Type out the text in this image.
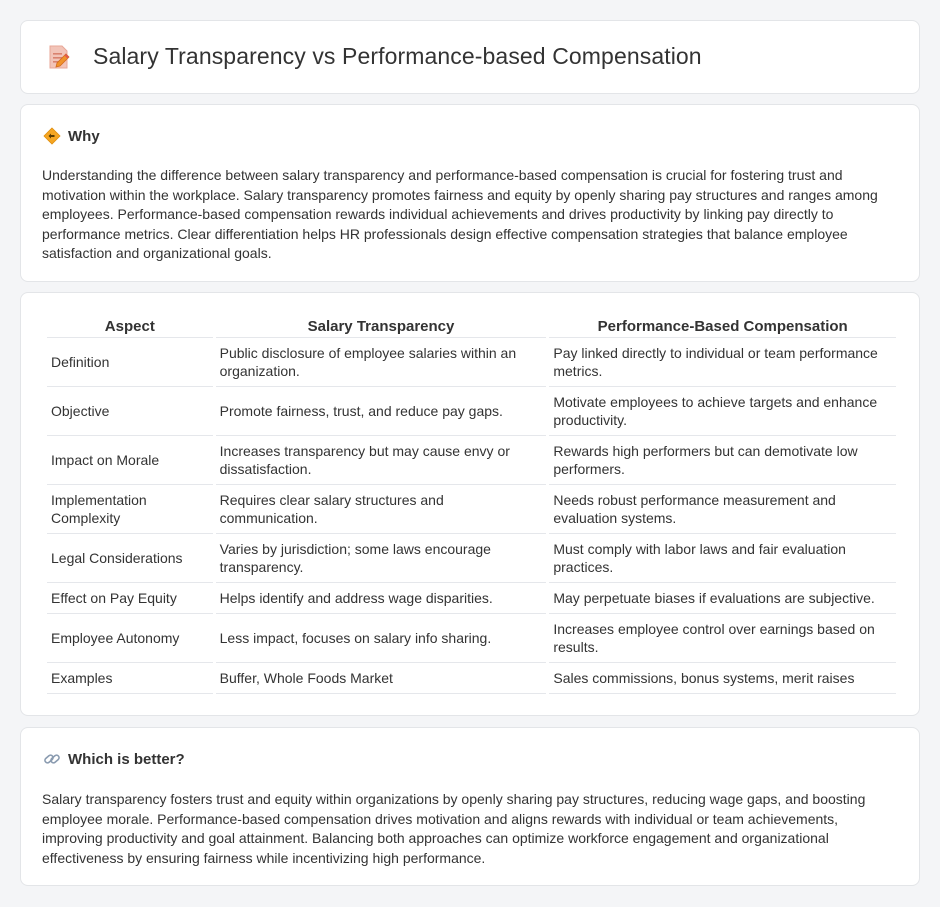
Salary Transparency vs Performance-based Compensation
Why

Understanding the difference between salary transparency and performance-based compensation is crucial for fostering trust and motivation within the workplace. Salary transparency promotes fairness and equity by openly sharing pay structures and ranges among employees. Performance-based compensation rewards individual achievements and drives productivity by linking pay directly to performance metrics. Clear differentiation helps HR professionals design effective compensation strategies that balance employee satisfaction and organizational goals.

Aspect	Salary Transparency	Performance-Based Compensation
Definition	Public disclosure of employee salaries within an organization.	Pay linked directly to individual or team performance metrics.
Objective	Promote fairness, trust, and reduce pay gaps.	Motivate employees to achieve targets and enhance productivity.
Impact on Morale	Increases transparency but may cause envy or dissatisfaction.	Rewards high performers but can demotivate low performers.
Implementation Complexity	Requires clear salary structures and communication.	Needs robust performance measurement and evaluation systems.
Legal Considerations	Varies by jurisdiction; some laws encourage transparency.	Must comply with labor laws and fair evaluation practices.
Effect on Pay Equity	Helps identify and address wage disparities.	May perpetuate biases if evaluations are subjective.
Employee Autonomy	Less impact, focuses on salary info sharing.	Increases employee control over earnings based on results.
Examples	Buffer, Whole Foods Market	Sales commissions, bonus systems, merit raises
Which is better?

Salary transparency fosters trust and equity within organizations by openly sharing pay structures, reducing wage gaps, and boosting employee morale. Performance-based compensation drives motivation and aligns rewards with individual or team achievements, improving productivity and goal attainment. Balancing both approaches can optimize workforce engagement and organizational effectiveness by ensuring fairness while incentivizing high performance.
